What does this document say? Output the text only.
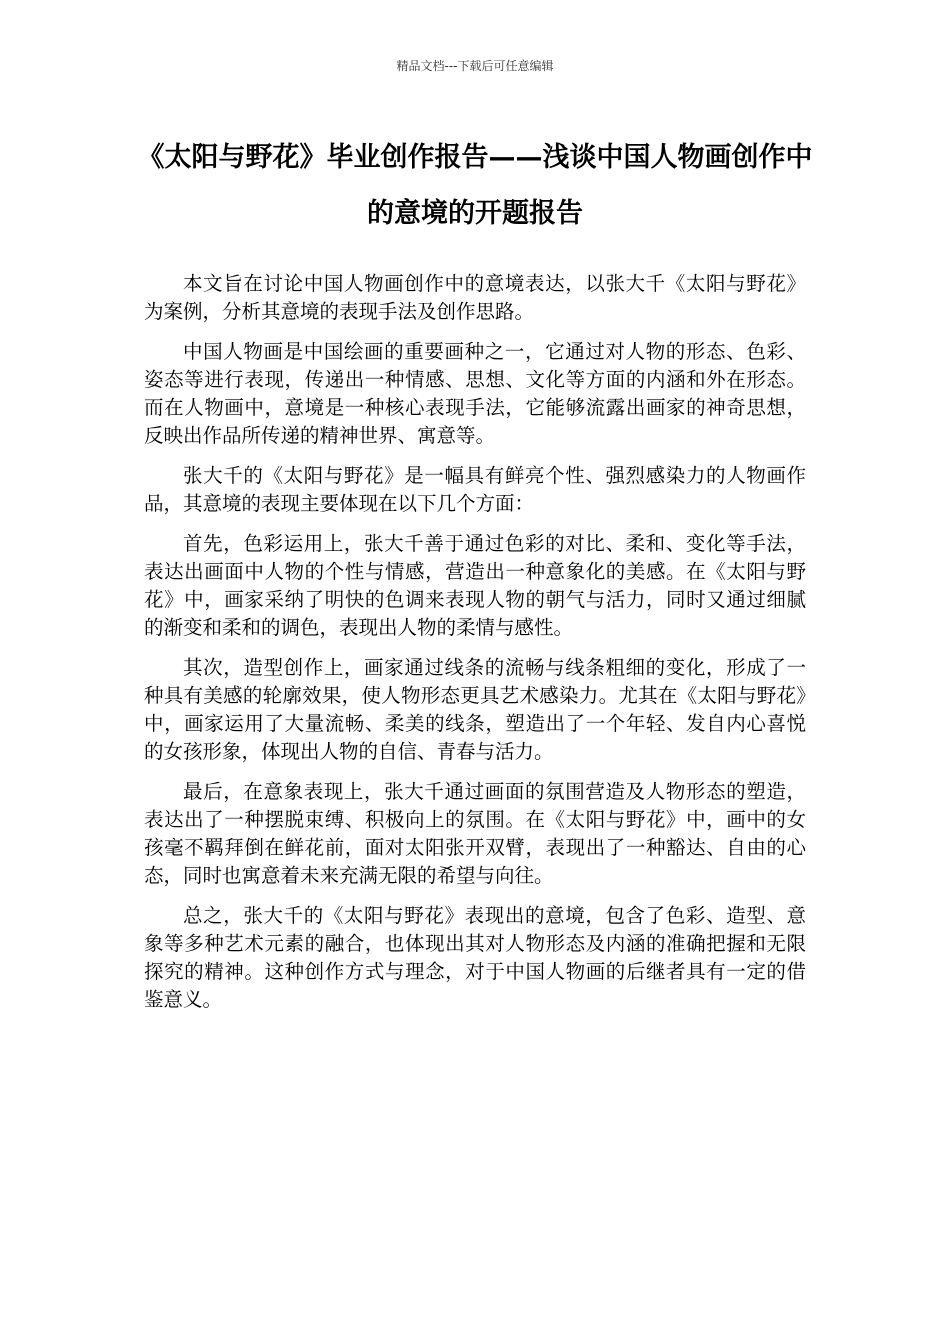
精品文档---下载后可任意编辑
《太阳与野花》毕业创作报告——浅谈中国人物画创作中的意境的开题报告

本文旨在讨论中国人物画创作中的意境表达，以张大千《太阳与野花》为案例，分析其意境的表现手法及创作思路。

中国人物画是中国绘画的重要画种之一，它通过对人物的形态、色彩、姿态等进行表现，传递出一种情感、思想、文化等方面的内涵和外在形态。而在人物画中，意境是一种核心表现手法，它能够流露出画家的神奇思想，反映出作品所传递的精神世界、寓意等。

张大千的《太阳与野花》是一幅具有鲜亮个性、强烈感染力的人物画作品，其意境的表现主要体现在以下几个方面：

首先，色彩运用上，张大千善于通过色彩的对比、柔和、变化等手法，表达出画面中人物的个性与情感，营造出一种意象化的美感。在《太阳与野花》中，画家采纳了明快的色调来表现人物的朝气与活力，同时又通过细腻的渐变和柔和的调色，表现出人物的柔情与感性。

其次，造型创作上，画家通过线条的流畅与线条粗细的变化，形成了一种具有美感的轮廓效果，使人物形态更具艺术感染力。尤其在《太阳与野花》中，画家运用了大量流畅、柔美的线条，塑造出了一个年轻、发自内心喜悦的女孩形象，体现出人物的自信、青春与活力。

最后，在意象表现上，张大千通过画面的氛围营造及人物形态的塑造，表达出了一种摆脱束缚、积极向上的氛围。在《太阳与野花》中，画中的女孩毫不羁拜倒在鲜花前，面对太阳张开双臂，表现出了一种豁达、自由的心态，同时也寓意着未来充满无限的希望与向往。

总之，张大千的《太阳与野花》表现出的意境，包含了色彩、造型、意象等多种艺术元素的融合，也体现出其对人物形态及内涵的准确把握和无限探究的精神。这种创作方式与理念，对于中国人物画的后继者具有一定的借鉴意义。
